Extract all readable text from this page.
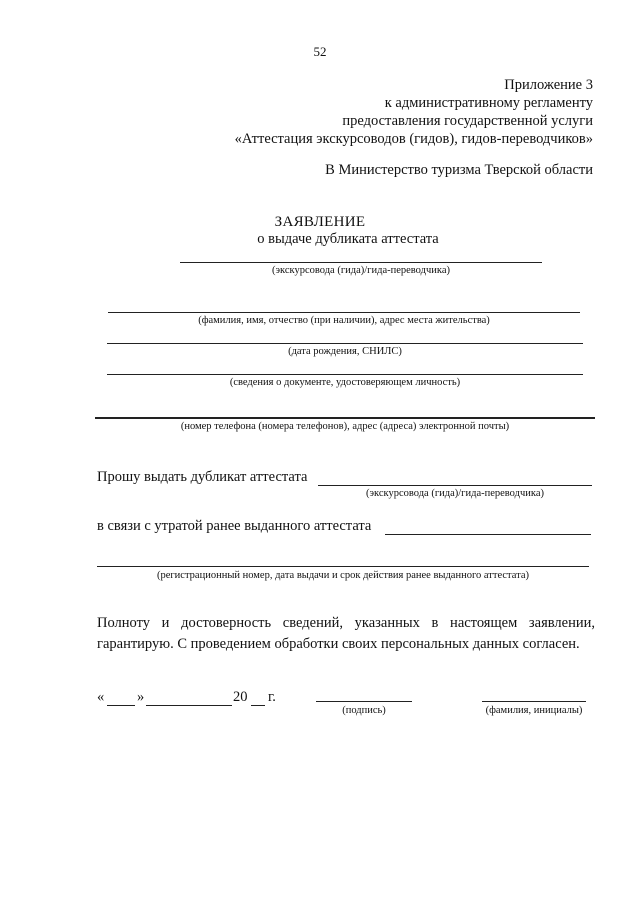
52
Приложение 3
к административному регламенту
предоставления государственной услуги
«Аттестация экскурсоводов (гидов), гидов-переводчиков»
В Министерство туризма Тверской области
ЗАЯВЛЕНИЕ
о выдаче дубликата аттестата
(экскурсовода (гида)/гида-переводчика)
(фамилия, имя, отчество (при наличии), адрес места жительства)
(дата рождения, СНИЛС)
(сведения о документе, удостоверяющем личность)
(номер телефона (номера телефонов), адрес (адреса) электронной почты)
Прошу выдать дубликат аттестата
(экскурсовода (гида)/гида-переводчика)
в связи с утратой ранее выданного аттестата
(регистрационный номер, дата выдачи и срок действия ранее выданного аттестата)
Полноту и достоверность сведений, указанных в настоящем заявлении, гарантирую. С проведением обработки своих персональных данных согласен.
« »	20 г.
(подпись)	(фамилия, инициалы)
